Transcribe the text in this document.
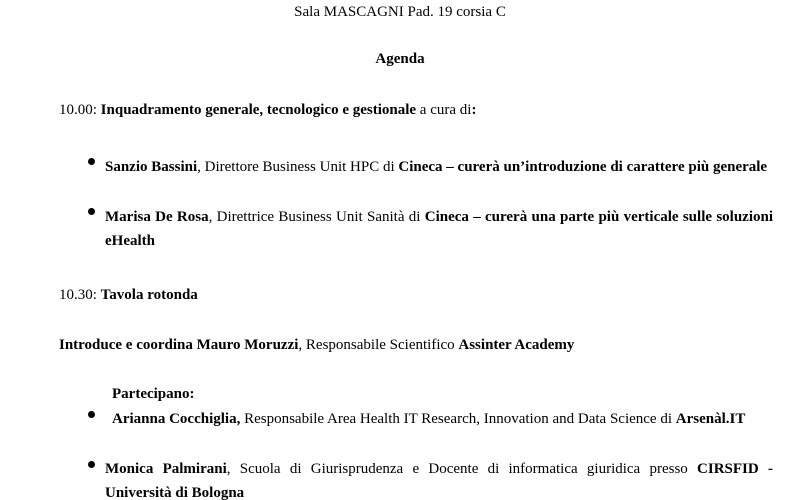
Sala MASCAGNI Pad. 19 corsia C
Agenda
10.00: Inquadramento generale, tecnologico e gestionale a cura di:
Sanzio Bassini, Direttore Business Unit HPC di Cineca – curerà un’introduzione di carattere più generale
Marisa De Rosa, Direttrice Business Unit Sanità di Cineca – curerà una parte più verticale sulle soluzioni eHealth
10.30: Tavola rotonda
Introduce e coordina Mauro Moruzzi, Responsabile Scientifico Assinter Academy
Partecipano:
Arianna Cocchiglia, Responsabile Area Health IT Research, Innovation and Data Science di Arsenàl.IT
Monica Palmirani, Scuola di Giurisprudenza e Docente di informatica giuridica presso CIRSFID - Università di Bologna
